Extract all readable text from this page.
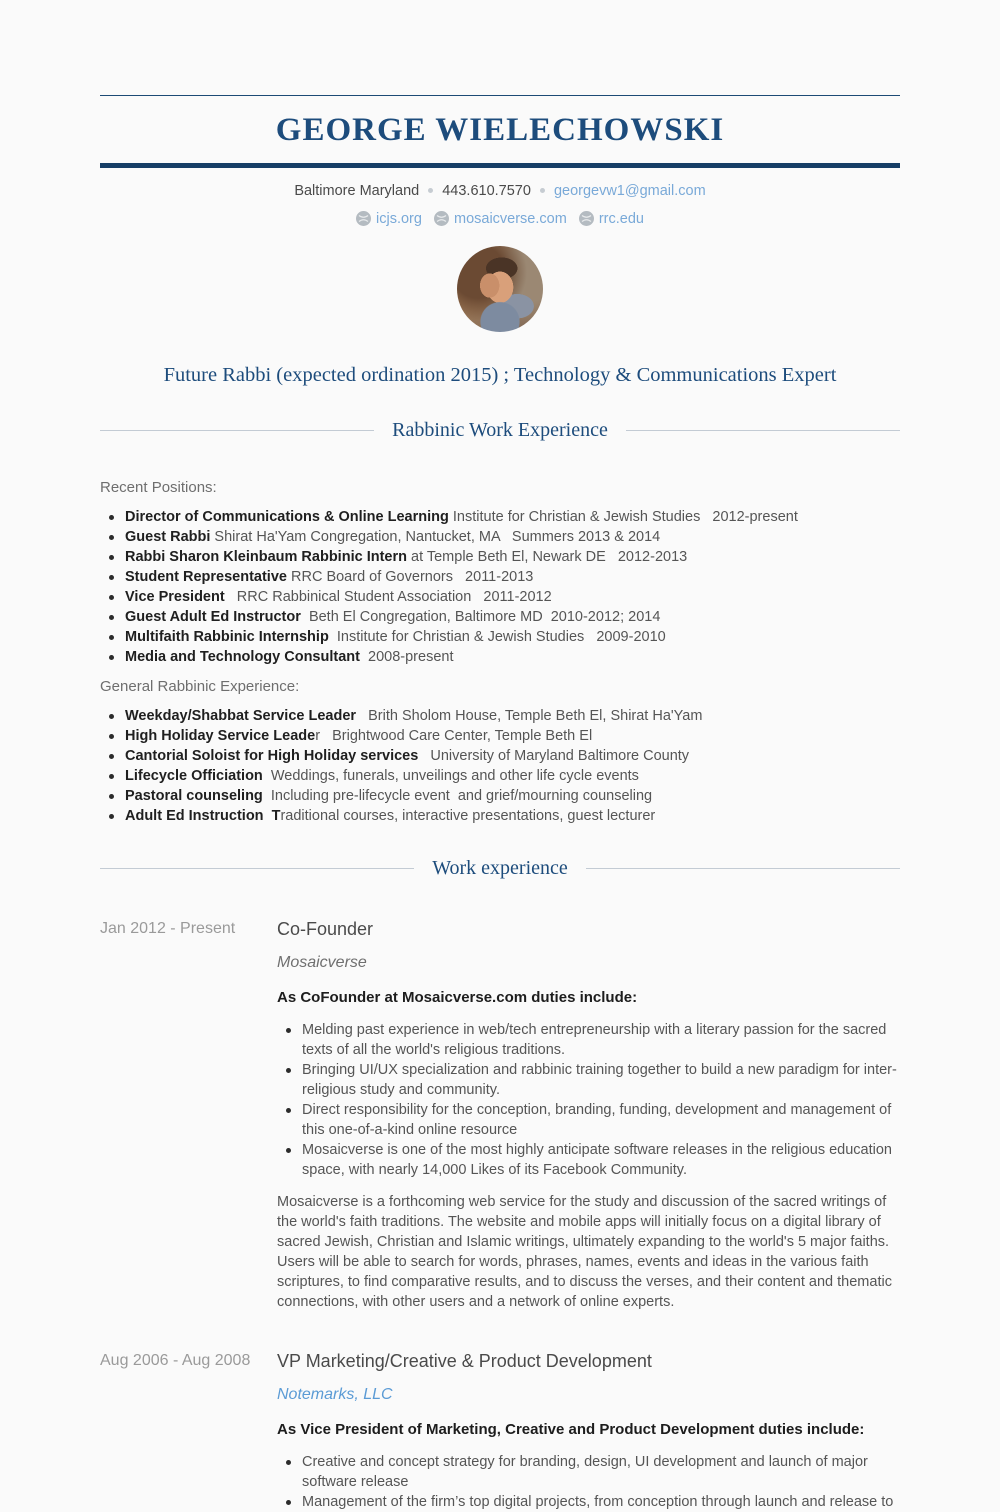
GEORGE WIELECHOWSKI
Baltimore Maryland 443.610.7570 georgevw1@gmail.com
icjs.org mosaicverse.com rrc.edu
Future Rabbi (expected ordination 2015) ; Technology & Communications Expert
Rabbinic Work Experience
Recent Positions:
Director of Communications & Online Learning Institute for Christian & Jewish Studies   2012-present
Guest Rabbi Shirat Ha'Yam Congregation, Nantucket, MA   Summers 2013 & 2014
Rabbi Sharon Kleinbaum Rabbinic Intern at Temple Beth El, Newark DE   2012-2013
Student Representative RRC Board of Governors   2011-2013
Vice President   RRC Rabbinical Student Association   2011-2012
Guest Adult Ed Instructor  Beth El Congregation, Baltimore MD  2010-2012; 2014
Multifaith Rabbinic Internship  Institute for Christian & Jewish Studies   2009-2010
Media and Technology Consultant  2008-present
General Rabbinic Experience:
Weekday/Shabbat Service Leader   Brith Sholom House, Temple Beth El, Shirat Ha'Yam
High Holiday Service Leader   Brightwood Care Center, Temple Beth El
Cantorial Soloist for High Holiday services   University of Maryland Baltimore County
Lifecycle Officiation  Weddings, funerals, unveilings and other life cycle events
Pastoral counseling  Including pre-lifecycle event  and grief/mourning counseling
Adult Ed Instruction  Traditional courses, interactive presentations, guest lecturer
Work experience
Jan 2012 - Present	Co-Founder
Mosaicverse
As CoFounder at Mosaicverse.com duties include:
Melding past experience in web/tech entrepreneurship with a literary passion for the sacred texts of all the world's religious traditions.
Bringing UI/UX specialization and rabbinic training together to build a new paradigm for inter-religious study and community.
Direct responsibility for the conception, branding, funding, development and management of this one-of-a-kind online resource
Mosaicverse is one of the most highly anticipate software releases in the religious education space, with nearly 14,000 Likes of its Facebook Community.
Mosaicverse is a forthcoming web service for the study and discussion of the sacred writings of the world's faith traditions. The website and mobile apps will initially focus on a digital library of sacred Jewish, Christian and Islamic writings, ultimately expanding to the world's 5 major faiths. Users will be able to search for words, phrases, names, events and ideas in the various faith scriptures, to find comparative results, and to discuss the verses, and their content and thematic connections, with other users and a network of online experts.
Aug 2006 - Aug 2008	VP Marketing/Creative & Product Development
Notemarks, LLC
As Vice President of Marketing, Creative and Product Development duties include:
Creative and concept strategy for branding, design, UI development and launch of major software release
Management of the firm’s top digital projects, from conception through launch and release to
